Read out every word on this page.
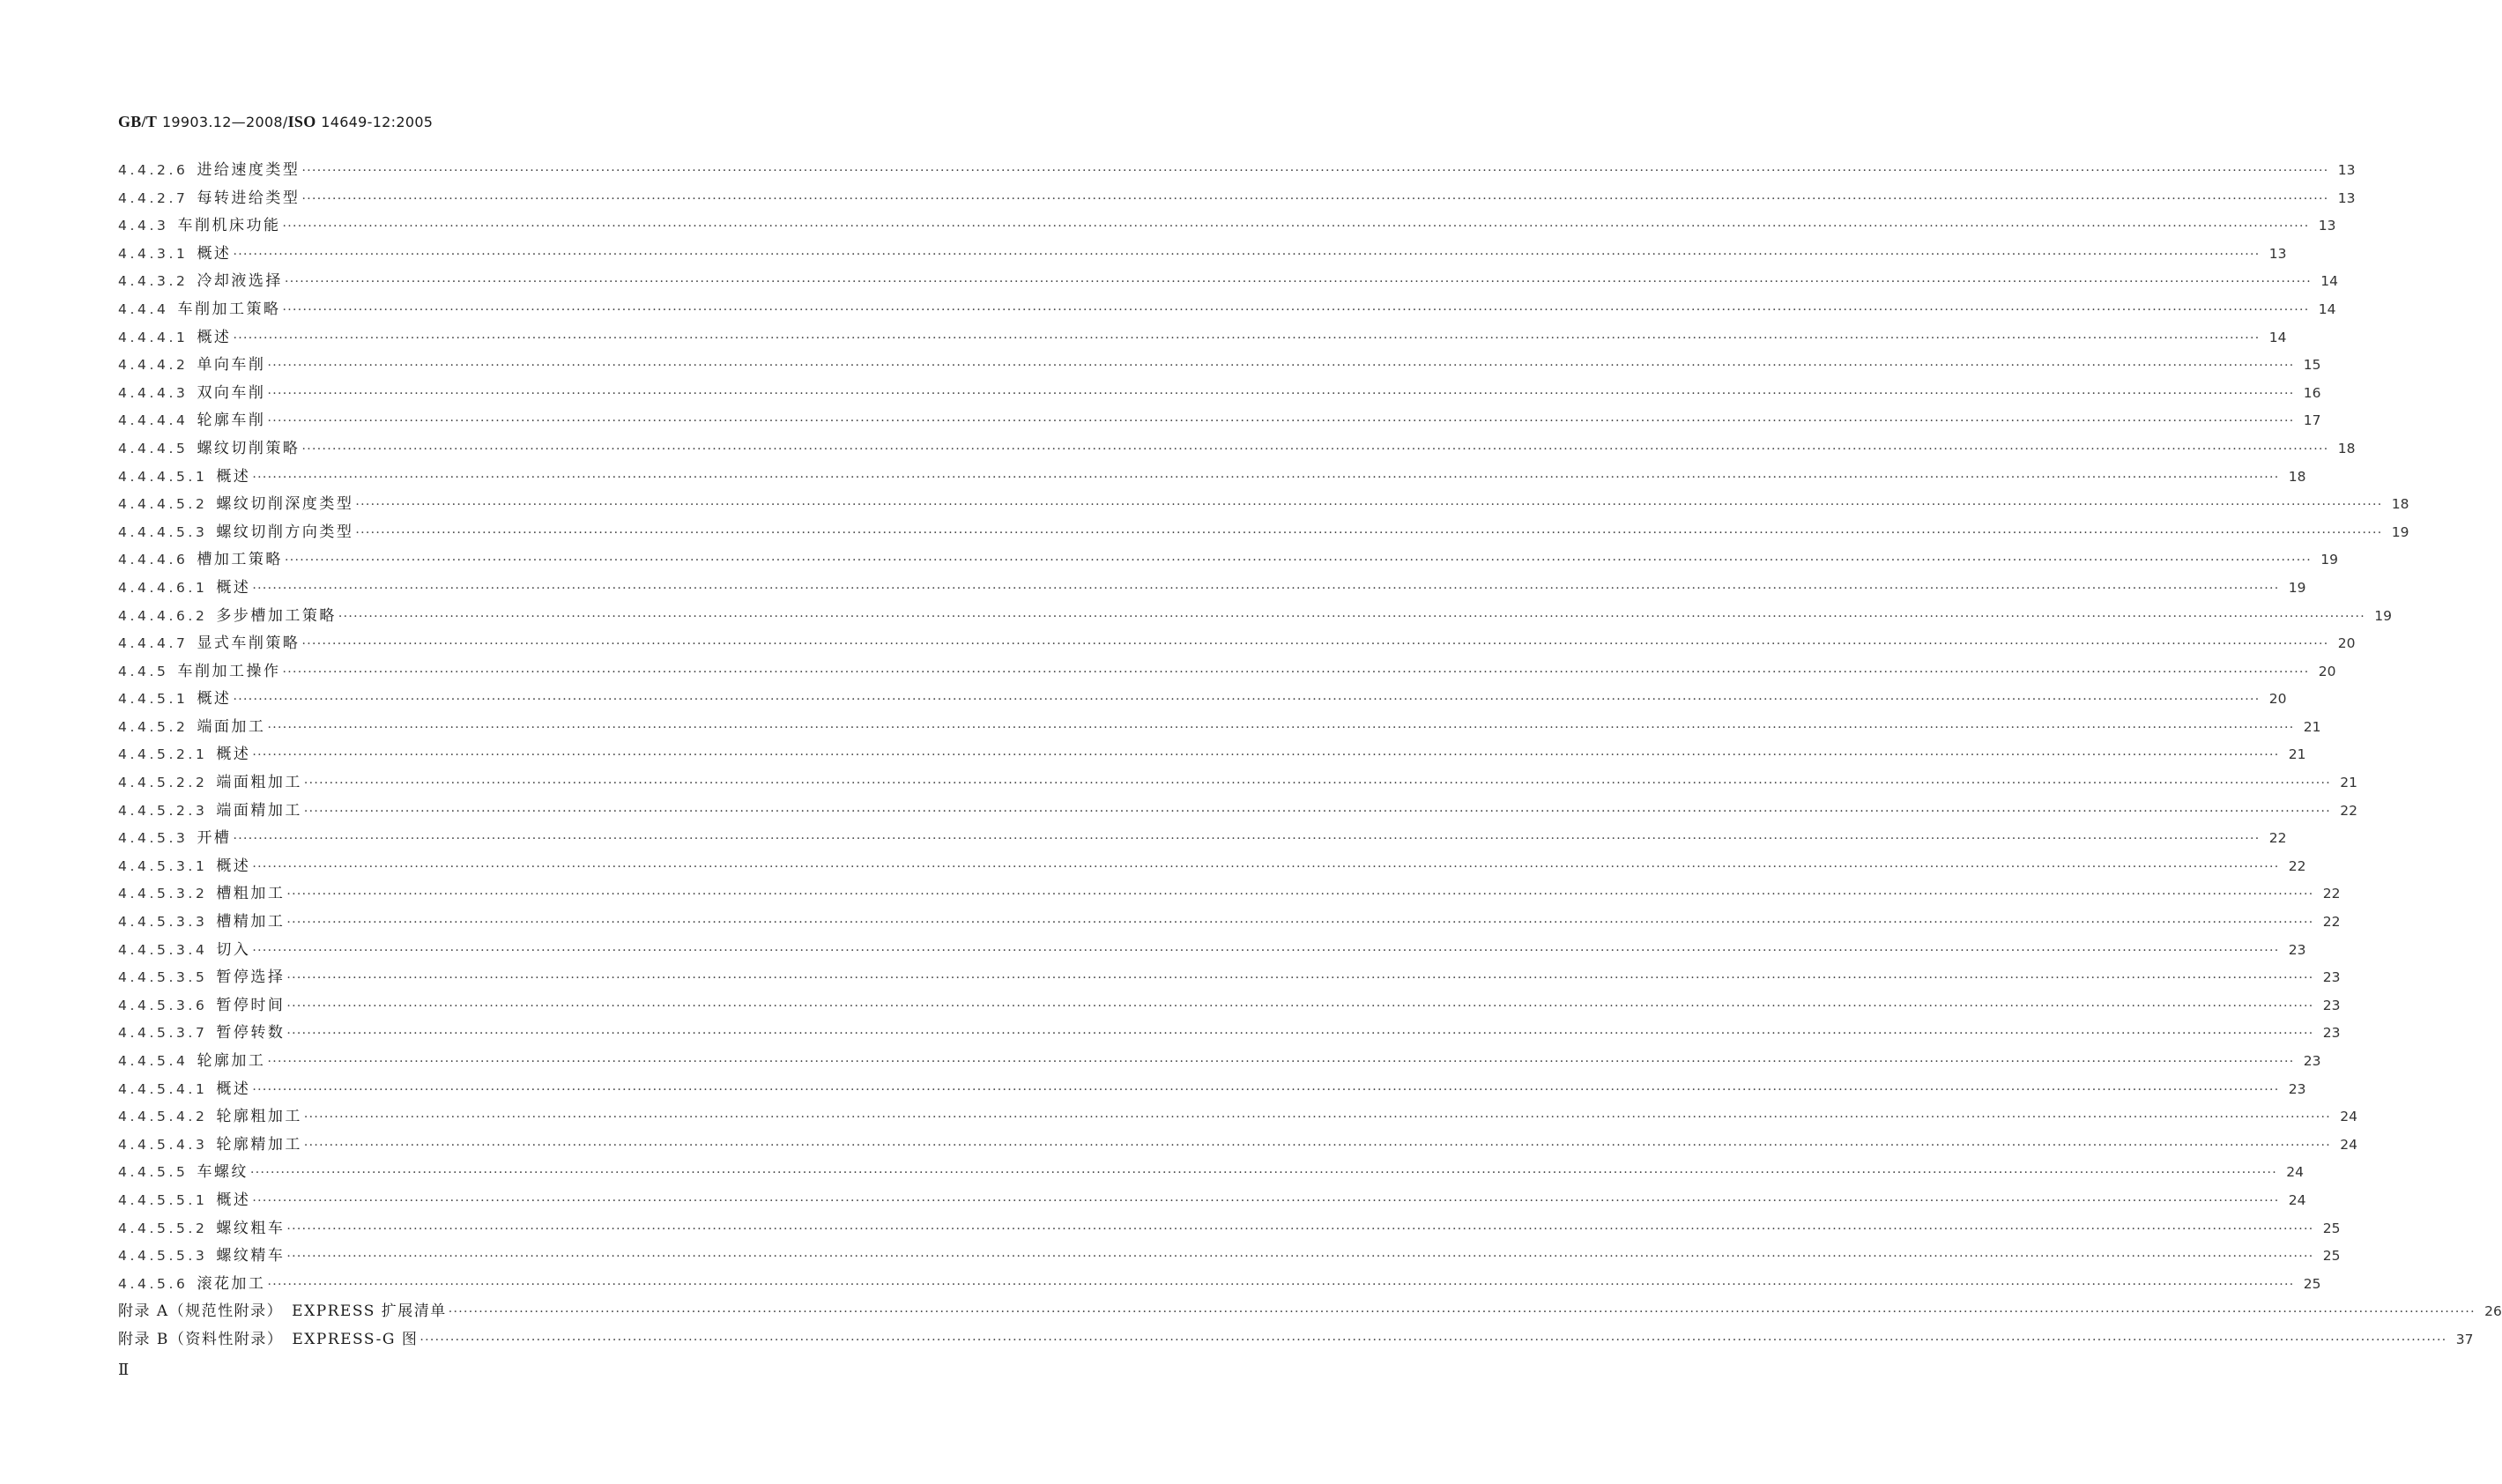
GB/T 19903.12—2008/ISO 14649-12:2005
4.4.2.6 进给速度类型 ················································································································································································································································································································································································································ 13
4.4.2.7 每转进给类型 ················································································································································································································································································································································································································ 13
4.4.3 车削机床功能 ················································································································································································································································································································································································································ 13
4.4.3.1 概述 ················································································································································································································································································································································································································ 13
4.4.3.2 冷却液选择 ················································································································································································································································································································································································································ 14
4.4.4 车削加工策略 ················································································································································································································································································································································································································ 14
4.4.4.1 概述 ················································································································································································································································································································································································································ 14
4.4.4.2 单向车削 ················································································································································································································································································································································································································ 15
4.4.4.3 双向车削 ················································································································································································································································································································································································································ 16
4.4.4.4 轮廓车削 ················································································································································································································································································································································································································ 17
4.4.4.5 螺纹切削策略 ················································································································································································································································································································································································································ 18
4.4.4.5.1 概述 ················································································································································································································································································································································································································ 18
4.4.4.5.2 螺纹切削深度类型 ················································································································································································································································································································································································································ 18
4.4.4.5.3 螺纹切削方向类型 ················································································································································································································································································································································································································ 19
4.4.4.6 槽加工策略 ················································································································································································································································································································································································································ 19
4.4.4.6.1 概述 ················································································································································································································································································································································································································ 19
4.4.4.6.2 多步槽加工策略 ················································································································································································································································································································································································································ 19
4.4.4.7 显式车削策略 ················································································································································································································································································································································································································ 20
4.4.5 车削加工操作 ················································································································································································································································································································································································································ 20
4.4.5.1 概述 ················································································································································································································································································································································································································ 20
4.4.5.2 端面加工 ················································································································································································································································································································································································································ 21
4.4.5.2.1 概述 ················································································································································································································································································································································································································ 21
4.4.5.2.2 端面粗加工 ················································································································································································································································································································································································································ 21
4.4.5.2.3 端面精加工 ················································································································································································································································································································································································································ 22
4.4.5.3 开槽 ················································································································································································································································································································································································································ 22
4.4.5.3.1 概述 ················································································································································································································································································································································································································ 22
4.4.5.3.2 槽粗加工 ················································································································································································································································································································································································································ 22
4.4.5.3.3 槽精加工 ················································································································································································································································································································································································································ 22
4.4.5.3.4 切入 ················································································································································································································································································································································································································ 23
4.4.5.3.5 暂停选择 ················································································································································································································································································································································································································ 23
4.4.5.3.6 暂停时间 ················································································································································································································································································································································································································ 23
4.4.5.3.7 暂停转数 ················································································································································································································································································································································································································ 23
4.4.5.4 轮廓加工 ················································································································································································································································································································································································································ 23
4.4.5.4.1 概述 ················································································································································································································································································································································································································ 23
4.4.5.4.2 轮廓粗加工 ················································································································································································································································································································································································································ 24
4.4.5.4.3 轮廓精加工 ················································································································································································································································································································································································································ 24
4.4.5.5 车螺纹 ················································································································································································································································································································································································································ 24
4.4.5.5.1 概述 ················································································································································································································································································································································································································ 24
4.4.5.5.2 螺纹粗车 ················································································································································································································································································································································································································ 25
4.4.5.5.3 螺纹精车 ················································································································································································································································································································································································································ 25
4.4.5.6 滚花加工 ················································································································································································································································································································································································································ 25
附录 A（规范性附录）　EXPRESS 扩展清单 ················································································································································································································································································································································································································ 26
附录 B（资料性附录）　EXPRESS-G 图 ················································································································································································································································································································································································································ 37
Ⅱ
